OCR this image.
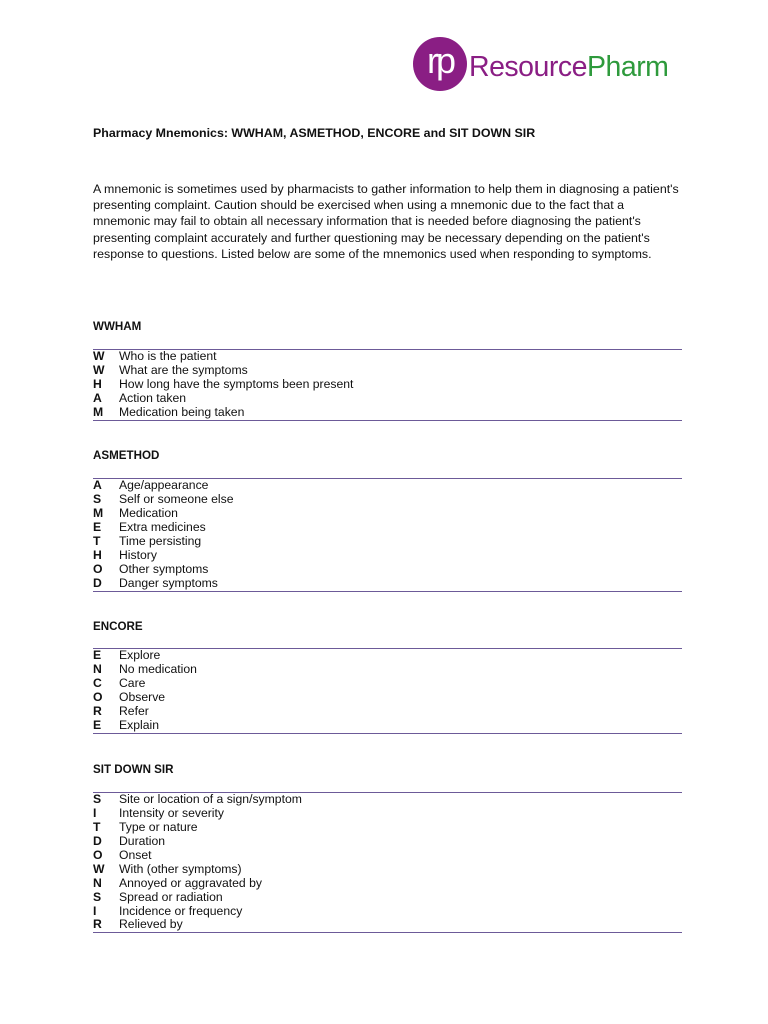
rp ResourcePharm
Pharmacy Mnemonics: WWHAM, ASMETHOD, ENCORE and SIT DOWN SIR

A mnemonic is sometimes used by pharmacists to gather information to help them in diagnosing a patient's presenting complaint. Caution should be exercised when using a mnemonic due to the fact that a mnemonic may fail to obtain all necessary information that is needed before diagnosing the patient's presenting complaint accurately and further questioning may be necessary depending on the patient's response to questions. Listed below are some of the mnemonics used when responding to symptoms.

WWHAM
W	Who is the patient
W	What are the symptoms
H	How long have the symptoms been present
A	Action taken
M	Medication being taken
ASMETHOD
A	Age/appearance
S	Self or someone else
M	Medication
E	Extra medicines
T	Time persisting
H	History
O	Other symptoms
D	Danger symptoms
ENCORE
E	Explore
N	No medication
C	Care
O	Observe
R	Refer
E	Explain
SIT DOWN SIR
S	Site or location of a sign/symptom
I	Intensity or severity
T	Type or nature
D	Duration
O	Onset
W	With (other symptoms)
N	Annoyed or aggravated by
S	Spread or radiation
I	Incidence or frequency
R	Relieved by
